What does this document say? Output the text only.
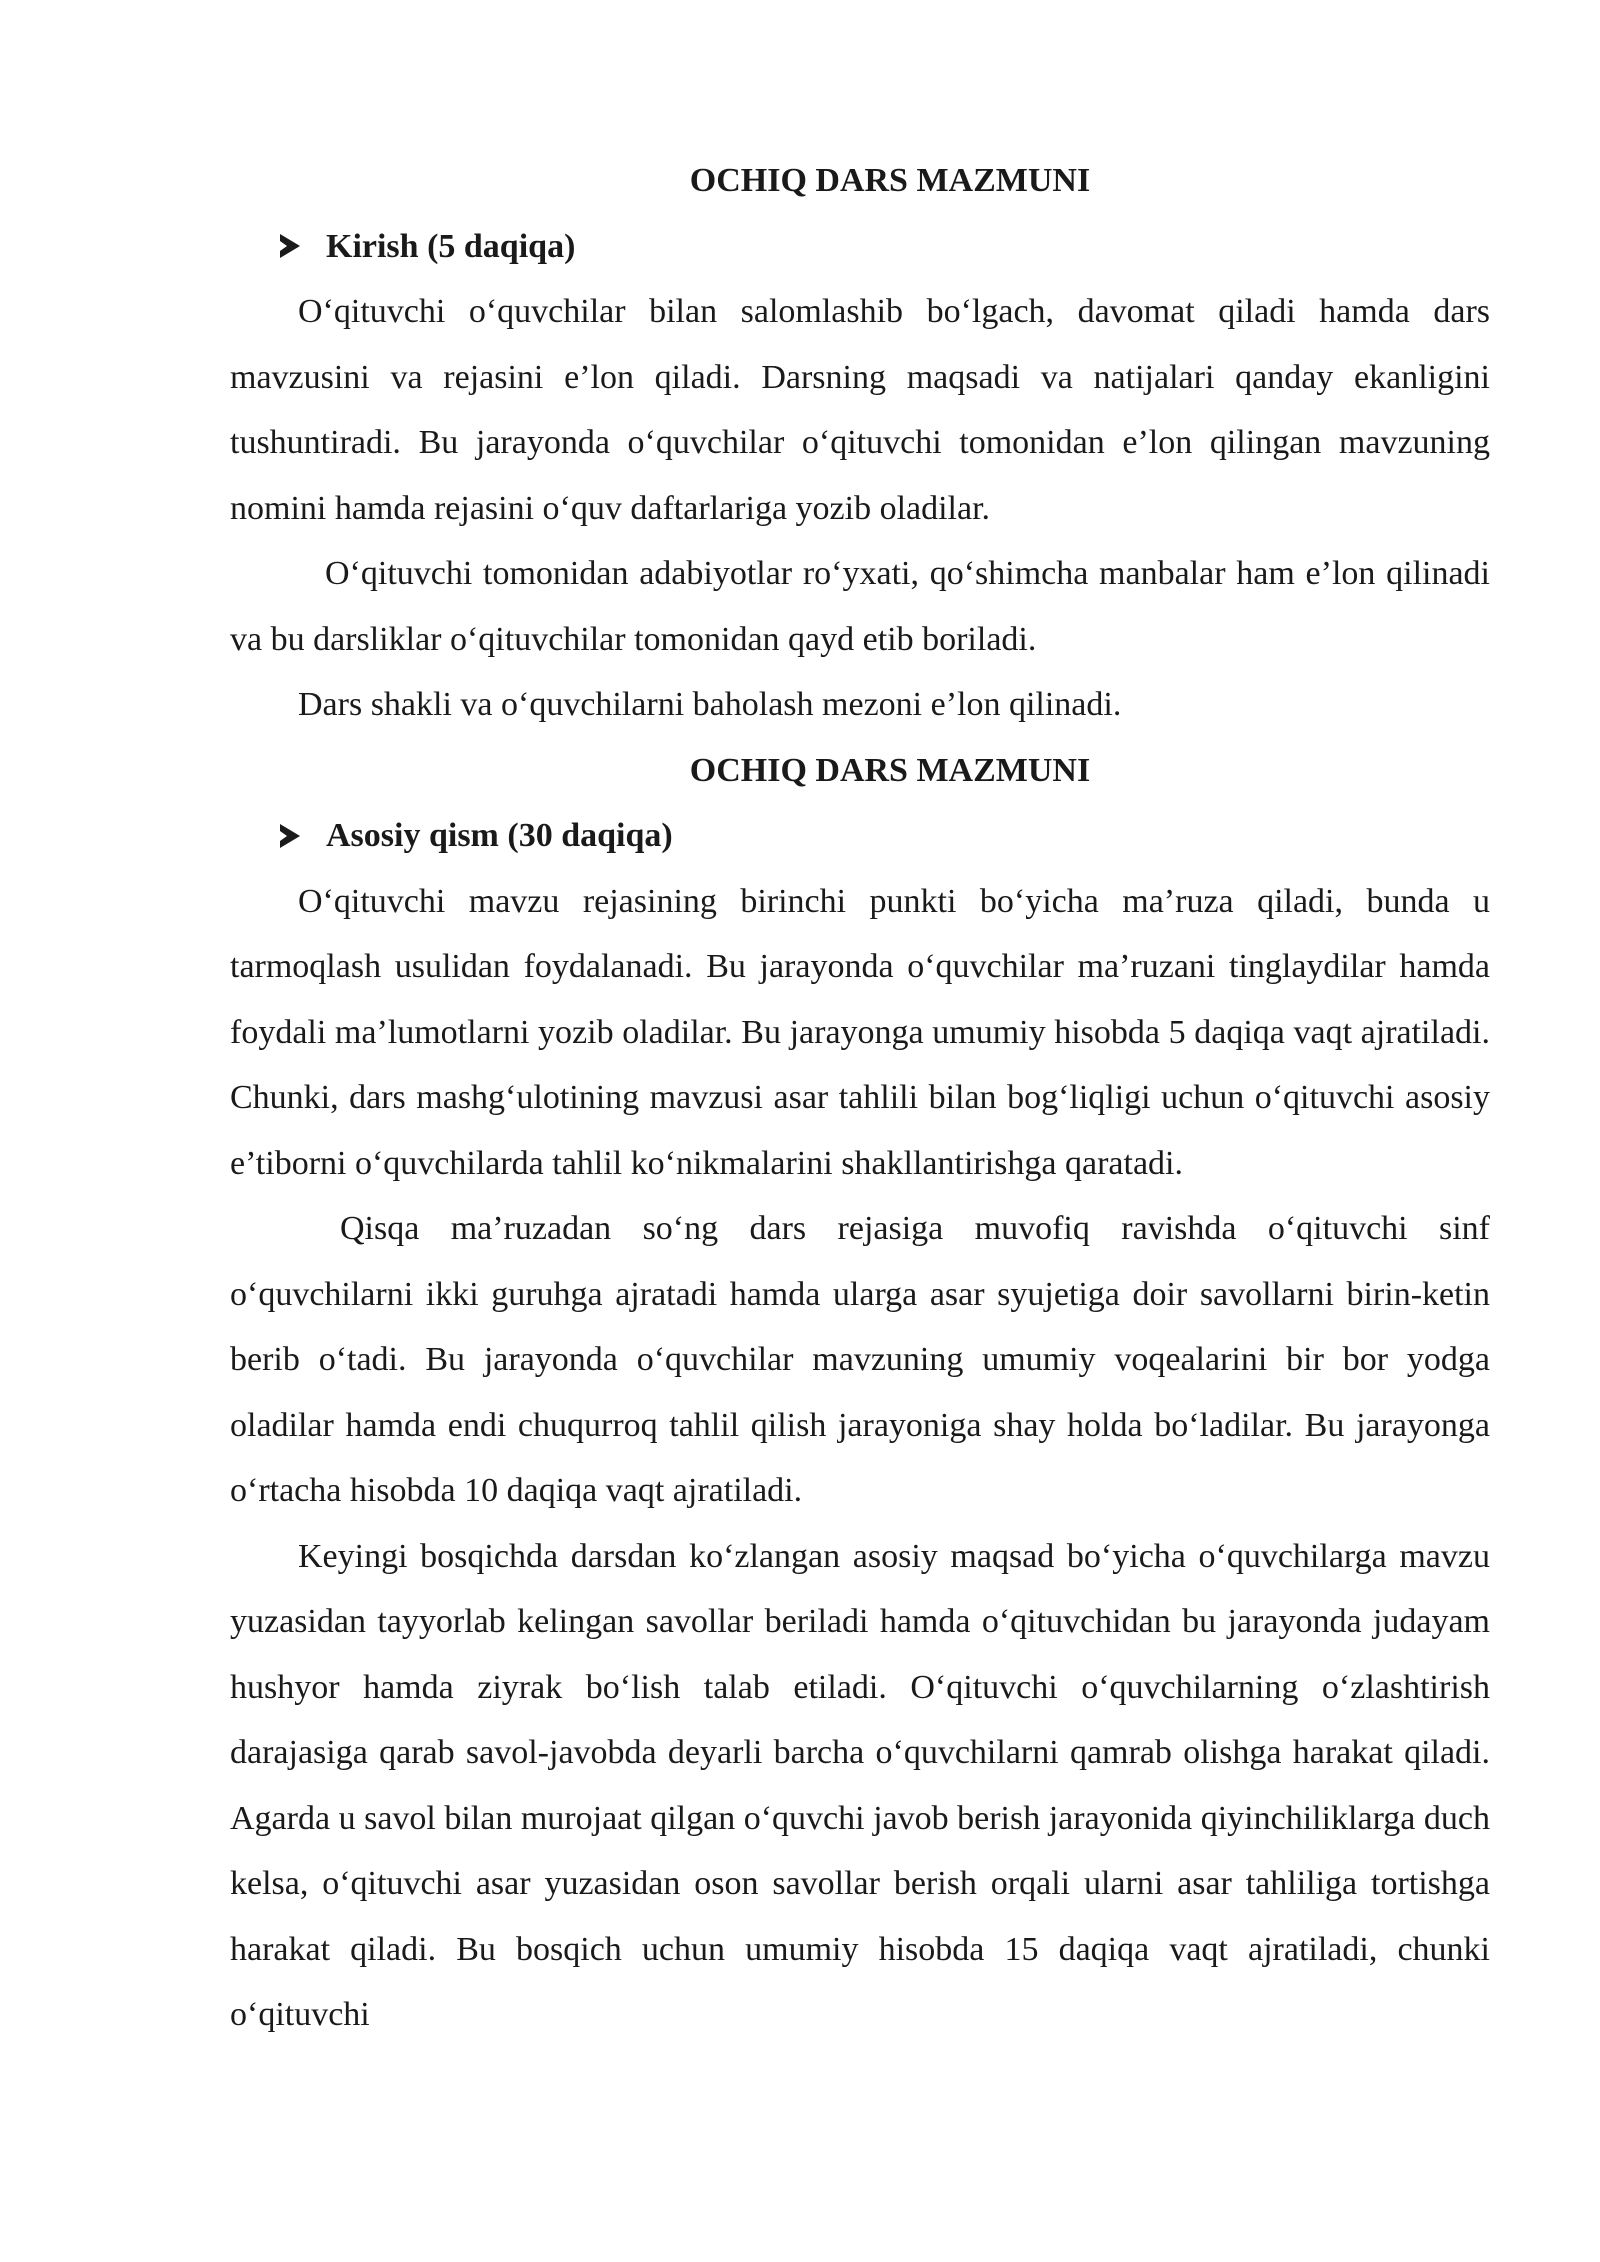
OCHIQ DARS MAZMUNI

Kirish (5 daqiqa)

O‘qituvchi o‘quvchilar bilan salomlashib bo‘lgach, davomat qiladi hamda dars mavzusini va rejasini e’lon qiladi. Darsning maqsadi va natijalari qanday ekanligini tushuntiradi. Bu jarayonda o‘quvchilar o‘qituvchi tomonidan e’lon qilingan mavzuning nomini hamda rejasini o‘quv daftarlariga yozib oladilar.

O‘qituvchi tomonidan adabiyotlar ro‘yxati, qo‘shimcha manbalar ham e’lon qilinadi va bu darsliklar o‘qituvchilar tomonidan qayd etib boriladi.

Dars shakli va o‘quvchilarni baholash mezoni e’lon qilinadi.

OCHIQ DARS MAZMUNI

Asosiy qism (30 daqiqa)

O‘qituvchi mavzu rejasining birinchi punkti bo‘yicha ma’ruza qiladi, bunda u tarmoqlash usulidan foydalanadi. Bu jarayonda o‘quvchilar ma’ruzani tinglaydilar hamda foydali ma’lumotlarni yozib oladilar. Bu jarayonga umumiy hisobda 5 daqiqa vaqt ajratiladi. Chunki, dars mashg‘ulotining mavzusi asar tahlili bilan bog‘liqligi uchun o‘qituvchi asosiy e’tiborni o‘quvchilarda tahlil ko‘nikmalarini shakllantirishga qaratadi.

Qisqa ma’ruzadan so‘ng dars rejasiga muvofiq ravishda o‘qituvchi sinf o‘quvchilarni ikki guruhga ajratadi hamda ularga asar syujetiga doir savollarni birin-ketin berib o‘tadi. Bu jarayonda o‘quvchilar mavzuning umumiy voqealarini bir bor yodga oladilar hamda endi chuqurroq tahlil qilish jarayoniga shay holda bo‘ladilar. Bu jarayonga o‘rtacha hisobda 10 daqiqa vaqt ajratiladi.

Keyingi bosqichda darsdan ko‘zlangan asosiy maqsad bo‘yicha o‘quvchilarga mavzu yuzasidan tayyorlab kelingan savollar beriladi hamda o‘qituvchidan bu jarayonda judayam hushyor hamda ziyrak bo‘lish talab etiladi. O‘qituvchi o‘quvchilarning o‘zlashtirish darajasiga qarab savol-javobda deyarli barcha o‘quvchilarni qamrab olishga harakat qiladi. Agarda u savol bilan murojaat qilgan o‘quvchi javob berish jarayonida qiyinchiliklarga duch kelsa, o‘qituvchi asar yuzasidan oson savollar berish orqali ularni asar tahliliga tortishga harakat qiladi. Bu bosqich uchun umumiy hisobda 15 daqiqa vaqt ajratiladi, chunki o‘qituvchi
